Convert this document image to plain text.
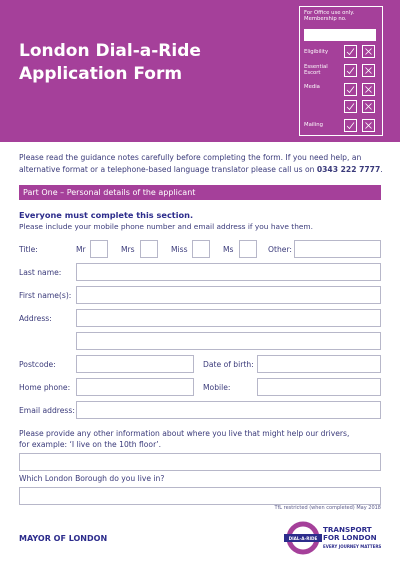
London Dial-a-Ride
Application Form
For Office use only.
Membership no.
Eligibility
Essential
Escort
Media
Mailing
Please read the guidance notes carefully before completing the form. If you need help, an alternative format or a telephone-based language translator please call us on 0343 222 7777.
Part One – Personal details of the applicant
Everyone must complete this section.
Please include your mobile phone number and email address if you have them.
Title:	Mr	Mrs	Miss	Ms	Other:
Last name:
First name(s):
Address:
Postcode:	Date of birth:
Home phone:	Mobile:
Email address:
Please provide any other information about where you live that might help our drivers,
for example: ‘I live on the 10th floor’.
Which London Borough do you live in?
TfL restricted (when completed) May 2018
MAYOR OF LONDON	DIAL-A-RIDE
TRANSPORT
FOR LONDON
EVERY JOURNEY MATTERS
